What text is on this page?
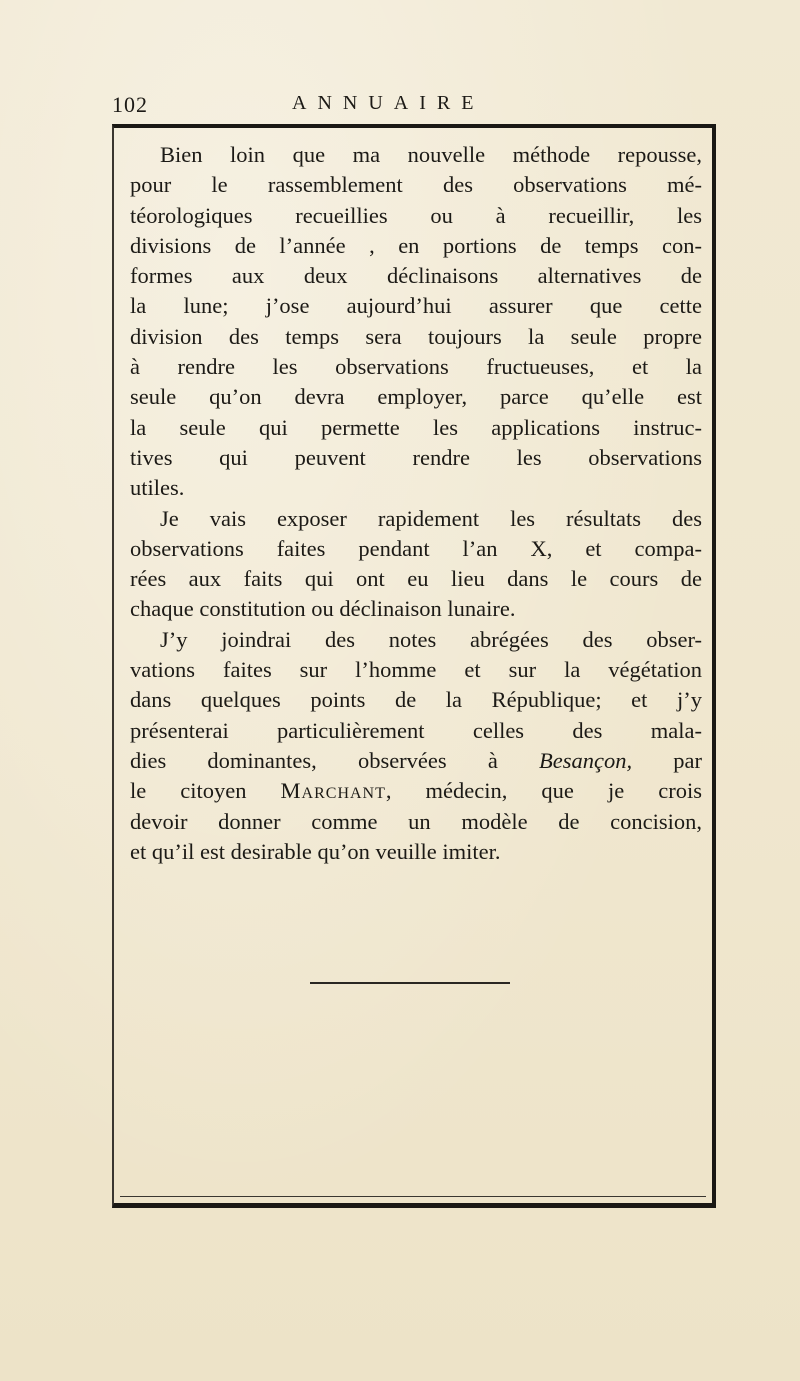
102	ANNUAIRE

Bien loin que ma nouvelle méthode repousse,
pour le rassemblement des observations mé-
téorologiques recueillies ou à recueillir, les
divisions de l’année , en portions de temps con-
formes aux deux déclinaisons alternatives de
la lune; j’ose aujourd’hui assurer que cette
division des temps sera toujours la seule propre
à rendre les observations fructueuses, et la
seule qu’on devra employer, parce qu’elle est
la seule qui permette les applications instruc-
tives qui peuvent rendre les observations
utiles.

Je vais exposer rapidement les résultats des
observations faites pendant l’an X, et compa-
rées aux faits qui ont eu lieu dans le cours de
chaque constitution ou déclinaison lunaire.

J’y joindrai des notes abrégées des obser-
vations faites sur l’homme et sur la végétation
dans quelques points de la République; et j’y
présenterai particulièrement celles des mala-
dies dominantes, observées à Besançon, par
le citoyen Marchant, médecin, que je crois
devoir donner comme un modèle de concision,
et qu’il est desirable qu’on veuille imiter.
